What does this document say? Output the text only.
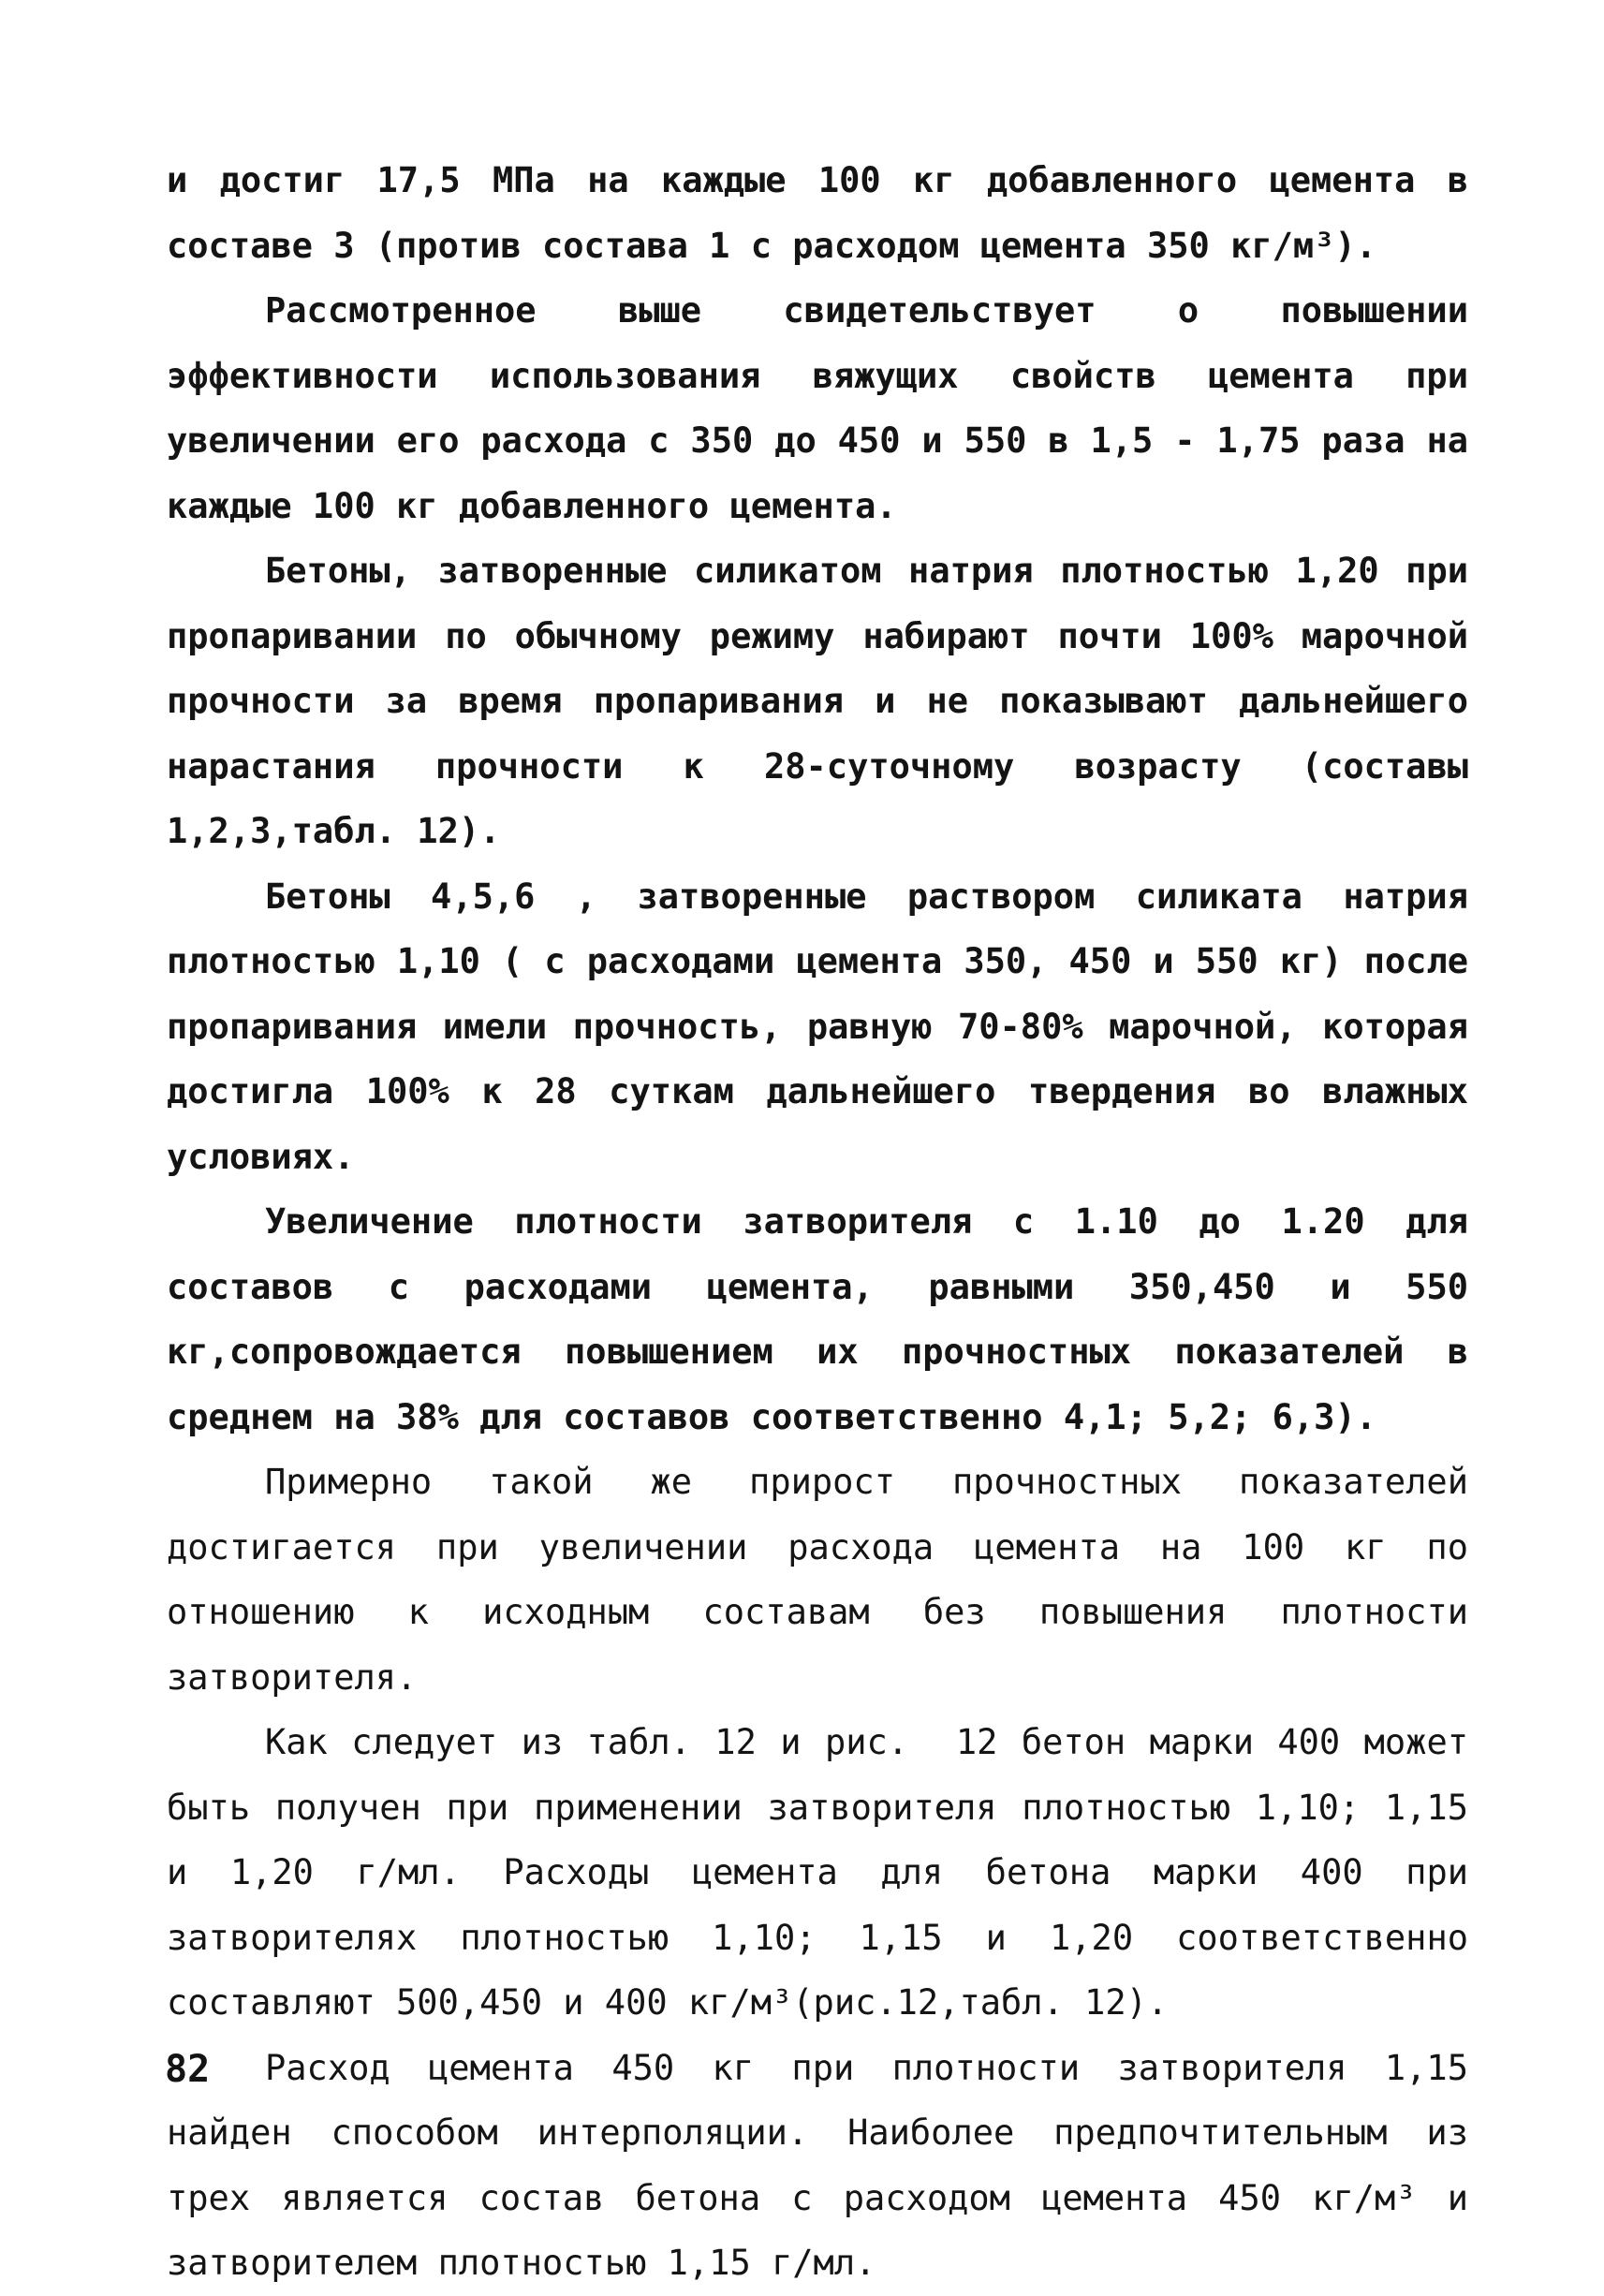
и достиг 17,5 МПа на каждые 100 кг добавленного цемента в составе 3 (против состава 1 с расходом цемента 350 кг/м³).

Рассмотренное выше свидетельствует о повышении эффективности использования вяжущих свойств цемента при увеличении его расхода с 350 до 450 и 550 в 1,5 - 1,75 раза на каждые 100 кг добавленного цемента.

Бетоны, затворенные силикатом натрия плотностью 1,20 при пропаривании по обычному режиму набирают почти 100% марочной прочности за время пропаривания и не показывают дальнейшего нарастания прочности к 28-суточному возрасту (составы 1,2,3,табл. 12).

Бетоны 4,5,6 , затворенные раствором силиката натрия плотностью 1,10 ( с расходами цемента 350, 450 и 550 кг) после пропаривания имели прочность, равную 70-80% марочной, которая достигла 100% к 28 суткам дальнейшего твердения во влажных условиях.

Увеличение плотности затворителя с 1.10 до 1.20 для составов с расходами цемента, равными 350,450 и 550 кг,сопровождается повышением их прочностных показателей в среднем на 38% для составов соответственно 4,1; 5,2; 6,3).

Примерно такой же прирост прочностных показателей достигается при увеличении расхода цемента на 100 кг по отношению к исходным составам без повышения плотности затворителя.

Как следует из табл. 12 и рис.  12 бетон марки 400 может быть получен при применении затворителя плотностью 1,10; 1,15 и 1,20 г/мл. Расходы цемента для бетона марки 400 при затворителях плотностью 1,10; 1,15 и 1,20 соответственно составляют 500,450 и 400 кг/м³(рис.12,табл. 12).

Расход цемента 450 кг при плотности затворителя 1,15 найден способом интерполяции. Наиболее предпочтительным из трех является состав бетона с расходом цемента 450 кг/м³ и затворителем плотностью 1,15 г/мл.

82
